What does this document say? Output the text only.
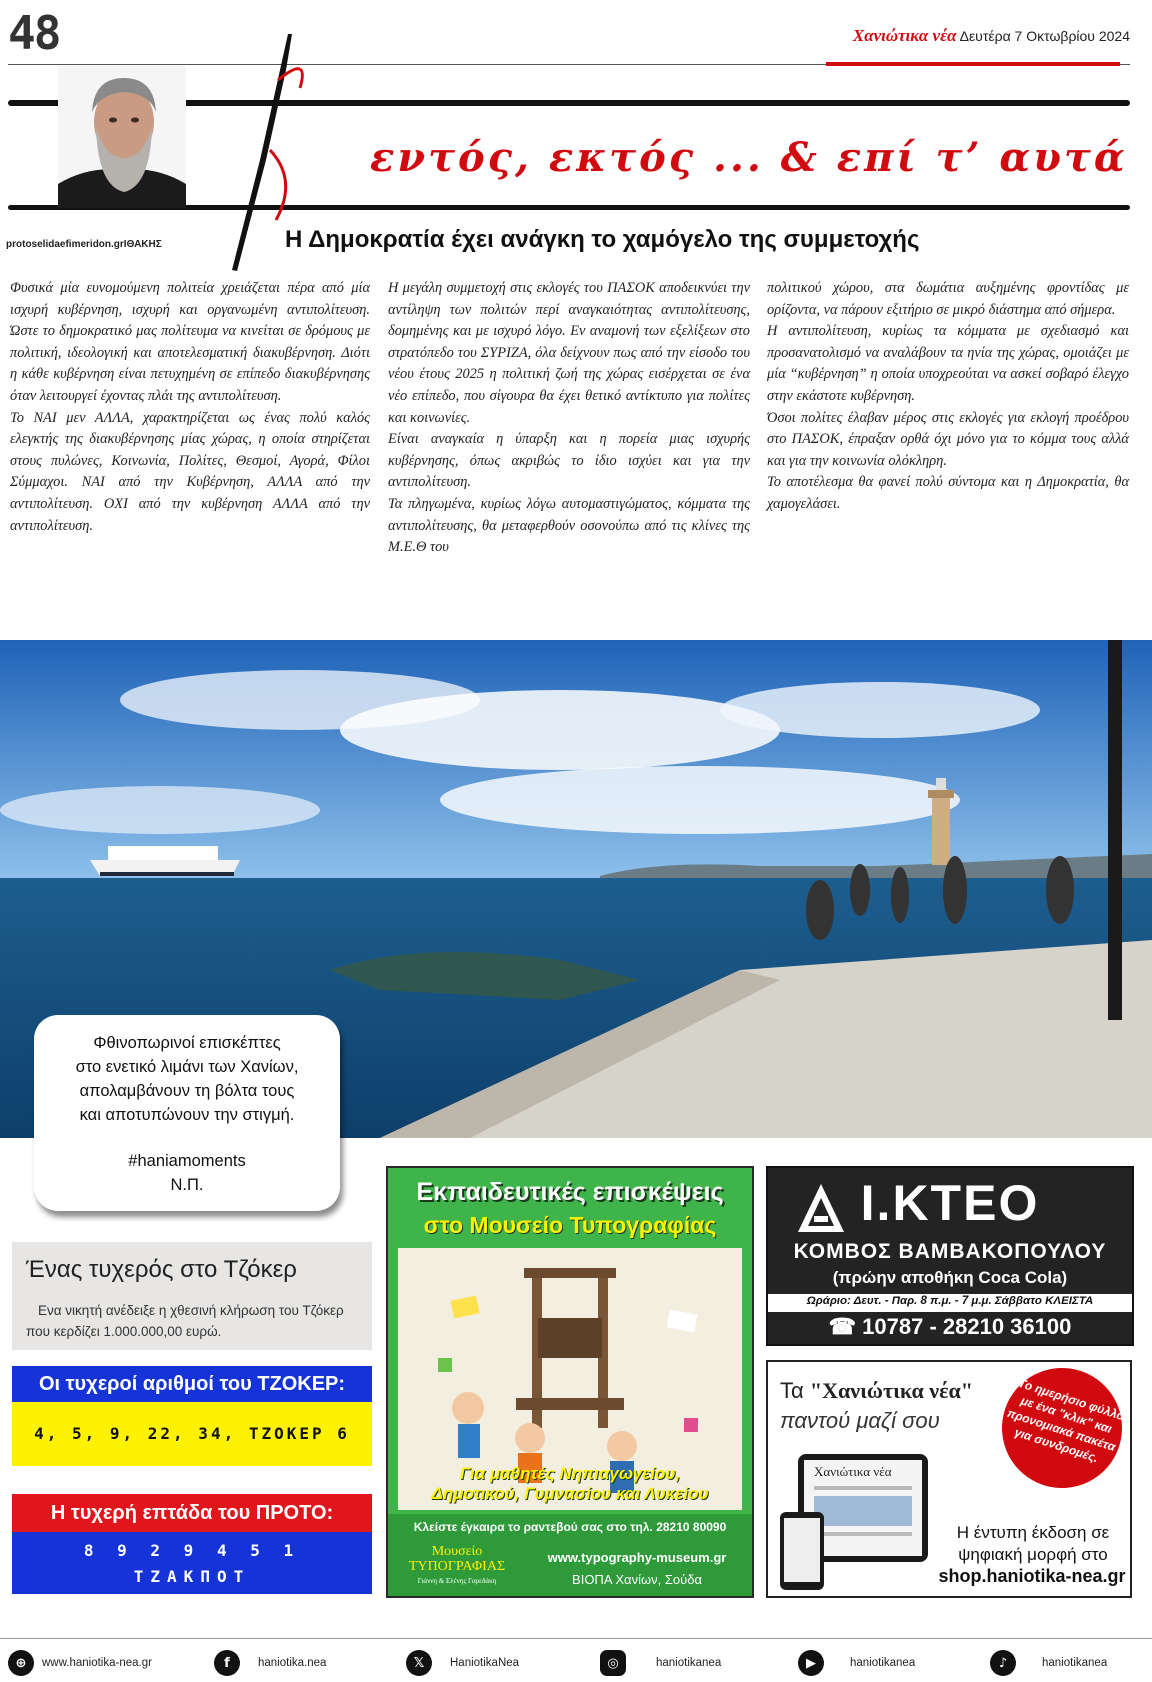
48	Χανιώτικα νέα Δευτέρα 7 Οκτωβρίου 2024
εντός, εκτός ... & επί τ’ αυτά
protoselidaefimeridon.grΙΘΑΚΗΣ	Η Δημοκρατία έχει ανάγκη το χαμόγελο της συμμετοχής

Φυσικά μία ευνομούμενη πολιτεία χρειάζεται πέρα από μία ισχυρή κυβέρνηση, ισχυρή και οργανωμένη αντιπολίτευση. Ώστε το δημοκρατικό μας πολίτευμα να κινείται σε δρόμους με πολιτική, ιδεολογική και αποτελεσματική διακυβέρνηση. Διότι η κάθε κυβέρνηση είναι πετυχημένη σε επίπεδο διακυβέρνησης όταν λειτουργεί έχοντας πλάι της αντιπολίτευση.

Το ΝΑΙ μεν ΑΛΛΑ, χαρακτηρίζεται ως ένας πολύ καλός ελεγκτής της διακυβέρνησης μίας χώρας, η οποία στηρίζεται στους πυλώνες, Κοινωνία, Πολίτες, Θεσμοί, Αγορά, Φίλοι Σύμμαχοι. ΝΑΙ από την Κυβέρνηση, ΑΛΛΑ από την αντιπολίτευση. ΟΧΙ από την κυβέρνηση ΑΛΛΑ από την αντιπολίτευση.

Η μεγάλη συμμετοχή στις εκλογές του ΠΑΣΟΚ αποδεικνύει την αντίληψη των πολιτών περί αναγκαιότητας αντιπολίτευσης, δομημένης και με ισχυρό λόγο. Εν αναμονή των εξελίξεων στο στρατόπεδο του ΣΥΡΙΖΑ, όλα δείχνουν πως από την είσοδο του νέου έτους 2025 η πολιτική ζωή της χώρας εισέρχεται σε ένα νέο επίπεδο, που σίγουρα θα έχει θετικό αντίκτυπο για πολίτες και κοινωνίες.

Είναι αναγκαία η ύπαρξη και η πορεία μιας ισχυρής κυβέρνησης, όπως ακριβώς το ίδιο ισχύει και για την αντιπολίτευση.

Τα πληγωμένα, κυρίως λόγω αυτομαστιγώματος, κόμματα της αντιπολίτευσης, θα μεταφερθούν οσονούπω από τις κλίνες της Μ.Ε.Θ του

πολιτικού χώρου, στα δωμάτια αυξημένης φροντίδας με ορίζοντα, να πάρουν εξιτήριο σε μικρό διάστημα από σήμερα.

Η αντιπολίτευση, κυρίως τα κόμματα με σχεδιασμό και προσανατολισμό να αναλάβουν τα ηνία της χώρας, ομοιάζει με μία “κυβέρνηση” η οποία υποχρεούται να ασκεί σοβαρό έλεγχο στην εκάστοτε κυβέρνηση.

Όσοι πολίτες έλαβαν μέρος στις εκλογές για εκλογή προέδρου στο ΠΑΣΟΚ, έπραξαν ορθά όχι μόνο για το κόμμα τους αλλά και για την κοινωνία ολόκληρη.

Το αποτέλεσμα θα φανεί πολύ σύντομα και η Δημοκρατία, θα χαμογελάσει.

Φθινοπωρινοί επισκέπτες
στο ενετικό λιμάνι των Χανίων,
απολαμβάνουν τη βόλτα τους
και αποτυπώνουν την στιγμή.
#haniamoments
Ν.Π.
Ένας τυχερός στο Τζόκερ
Ενα νικητή ανέδειξε η χθεσινή κλήρωση του Τζόκερ που κερδίζει 1.000.000,00 ευρώ.
Οι τυχεροί αριθμοί του ΤΖΟΚΕΡ:
4, 5, 9, 22, 34, ΤΖΟΚΕΡ 6
Η τυχερή επτάδα του ΠΡΟΤΟ:
8 9 2 9 4 5 1
ΤΖΑΚΠΟΤ
Εκπαιδευτικές επισκέψεις
στο Μουσείο Τυπογραφίας
Για μαθητές Νηπιαγωγείου,
Δημοτικού, Γυμνασίου και Λυκείου
Κλείστε έγκαιρα το ραντεβού σας στο τηλ. 28210 80090
Μουσείο
ΤΥΠΟΓΡΑΦΙΑΣ
Γιάννη & Ελένης Γαρεδάκη
www.typography-museum.gr
ΒΙΟΠΑ Χανίων, Σούδα
Ι.ΚΤΕΟ
ΚΟΜΒΟΣ ΒΑΜΒΑΚΟΠΟΥΛΟΥ
(πρώην αποθήκη Coca Cola)
Ωράριο: Δευτ. - Παρ. 8 π.μ. - 7 μ.μ. Σάββατο ΚΛΕΙΣΤΑ
☎ 10787 - 28210 36100
Τα "Χανιώτικα νέα"
παντού μαζί σου	Το ημερήσιο φύλλο με ένα "κλικ" και προνομιακά πακέτα για συνδρομές.
Χανιώτικα νέα
Η έντυπη έκδοση σε ψηφιακή μορφή στο
shop.haniotika-nea.gr
⊕	www.haniotika-nea.gr	f	haniotika.nea	𝕏	HaniotikaNea	◎	haniotikanea	▶	haniotikanea	♪	haniotikanea
